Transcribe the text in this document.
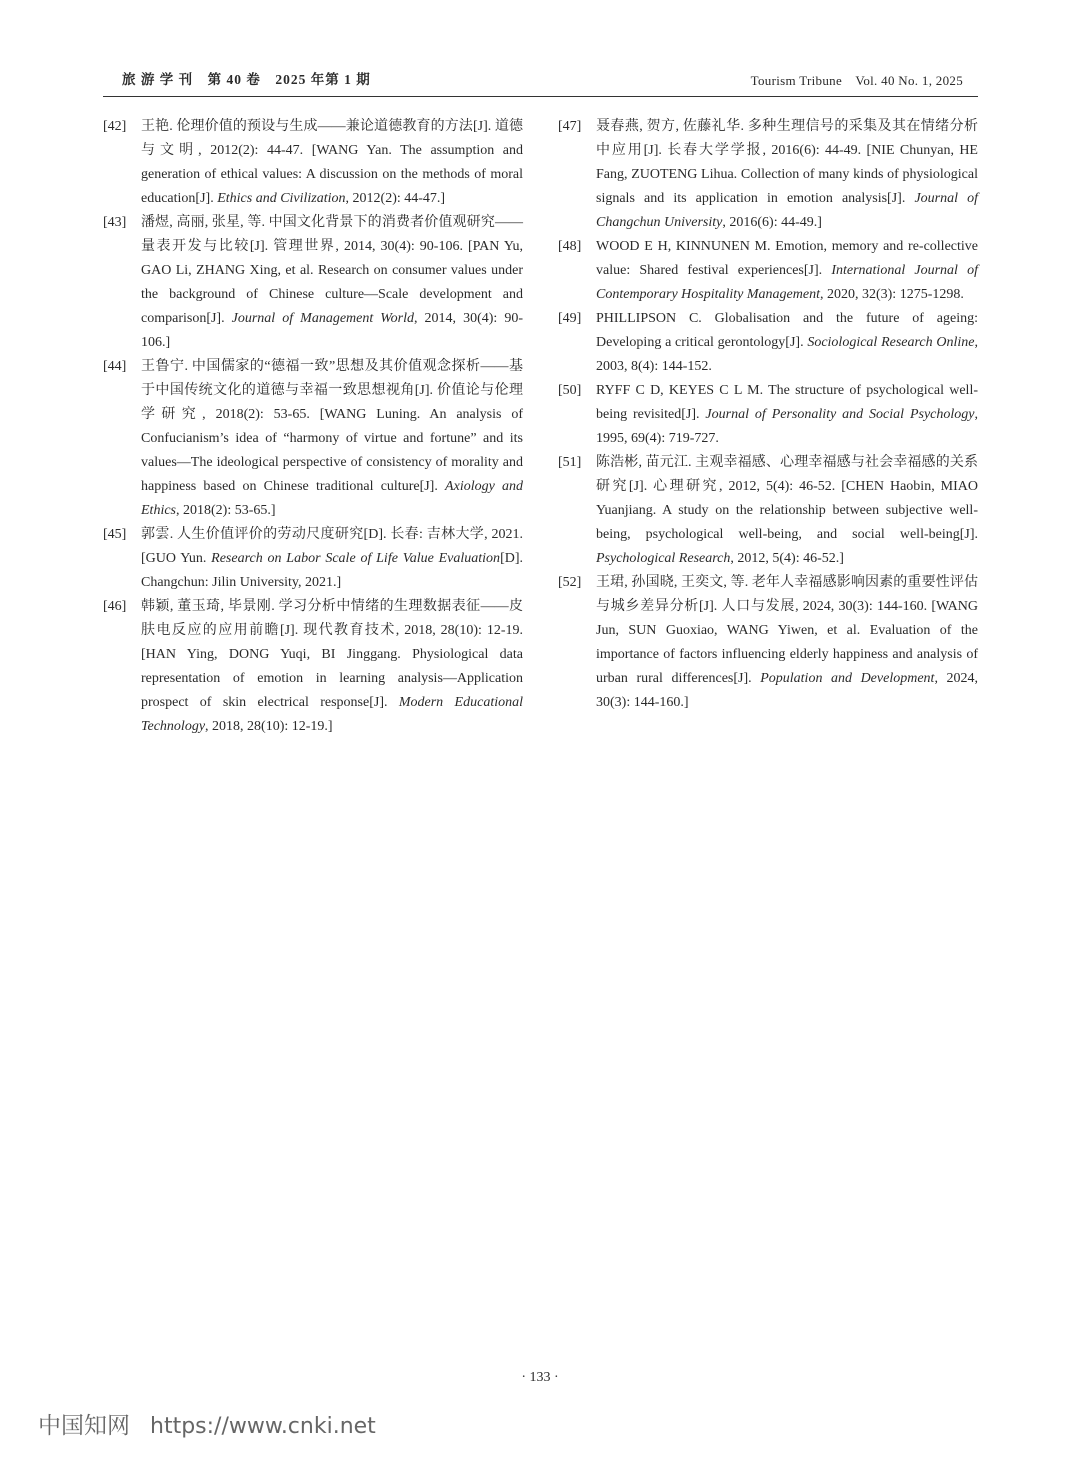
旅 游 学 刊　第 40 卷　2025 年第 1 期	Tourism Tribune　Vol. 40 No. 1, 2025
[42] 王艳. 伦理价值的预设与生成——兼论道德教育的方法[J]. 道德与文明, 2012(2): 44-47. [WANG Yan. The assumption and generation of ethical values: A discussion on the methods of moral education[J]. Ethics and Civilization, 2012(2): 44-47.]
[43] 潘煜, 高丽, 张星, 等. 中国文化背景下的消费者价值观研究——量表开发与比较[J]. 管理世界, 2014, 30(4): 90-106. [PAN Yu, GAO Li, ZHANG Xing, et al. Research on consumer values under the background of Chinese culture—Scale development and comparison[J]. Journal of Management World, 2014, 30(4): 90-106.]
[44] 王鲁宁. 中国儒家的“德福一致”思想及其价值观念探析——基于中国传统文化的道德与幸福一致思想视角[J]. 价值论与伦理学研究, 2018(2): 53-65. [WANG Luning. An analysis of Confucianism’s idea of “harmony of virtue and fortune” and its values—The ideological perspective of consistency of morality and happiness based on Chinese traditional culture[J]. Axiology and Ethics, 2018(2): 53-65.]
[45] 郭雲. 人生价值评价的劳动尺度研究[D]. 长春: 吉林大学, 2021. [GUO Yun. Research on Labor Scale of Life Value Evaluation[D]. Changchun: Jilin University, 2021.]
[46] 韩颖, 董玉琦, 毕景刚. 学习分析中情绪的生理数据表征——皮肤电反应的应用前瞻[J]. 现代教育技术, 2018, 28(10): 12-19. [HAN Ying, DONG Yuqi, BI Jinggang. Physiological data representation of emotion in learning analysis—Application prospect of skin electrical response[J]. Modern Educational Technology, 2018, 28(10): 12-19.]
[47] 聂春燕, 贺方, 佐藤礼华. 多种生理信号的采集及其在情绪分析中应用[J]. 长春大学学报, 2016(6): 44-49. [NIE Chunyan, HE Fang, ZUOTENG Lihua. Collection of many kinds of physiological signals and its application in emotion analysis[J]. Journal of Changchun University, 2016(6): 44-49.]
[48] WOOD E H, KINNUNEN M. Emotion, memory and re-collective value: Shared festival experiences[J]. International Journal of Contemporary Hospitality Management, 2020, 32(3): 1275-1298.
[49] PHILLIPSON C. Globalisation and the future of ageing: Developing a critical gerontology[J]. Sociological Research Online, 2003, 8(4): 144-152.
[50] RYFF C D, KEYES C L M. The structure of psychological well-being revisited[J]. Journal of Personality and Social Psychology, 1995, 69(4): 719-727.
[51] 陈浩彬, 苗元江. 主观幸福感、心理幸福感与社会幸福感的关系研究[J]. 心理研究, 2012, 5(4): 46-52. [CHEN Haobin, MIAO Yuanjiang. A study on the relationship between subjective well-being, psychological well-being, and social well-being[J]. Psychological Research, 2012, 5(4): 46-52.]
[52] 王珺, 孙国晓, 王奕文, 等. 老年人幸福感影响因素的重要性评估与城乡差异分析[J]. 人口与发展, 2024, 30(3): 144-160. [WANG Jun, SUN Guoxiao, WANG Yiwen, et al. Evaluation of the importance of factors influencing elderly happiness and analysis of urban rural differences[J]. Population and Development, 2024, 30(3): 144-160.]
· 133 ·
中国知网 https://www.cnki.net
